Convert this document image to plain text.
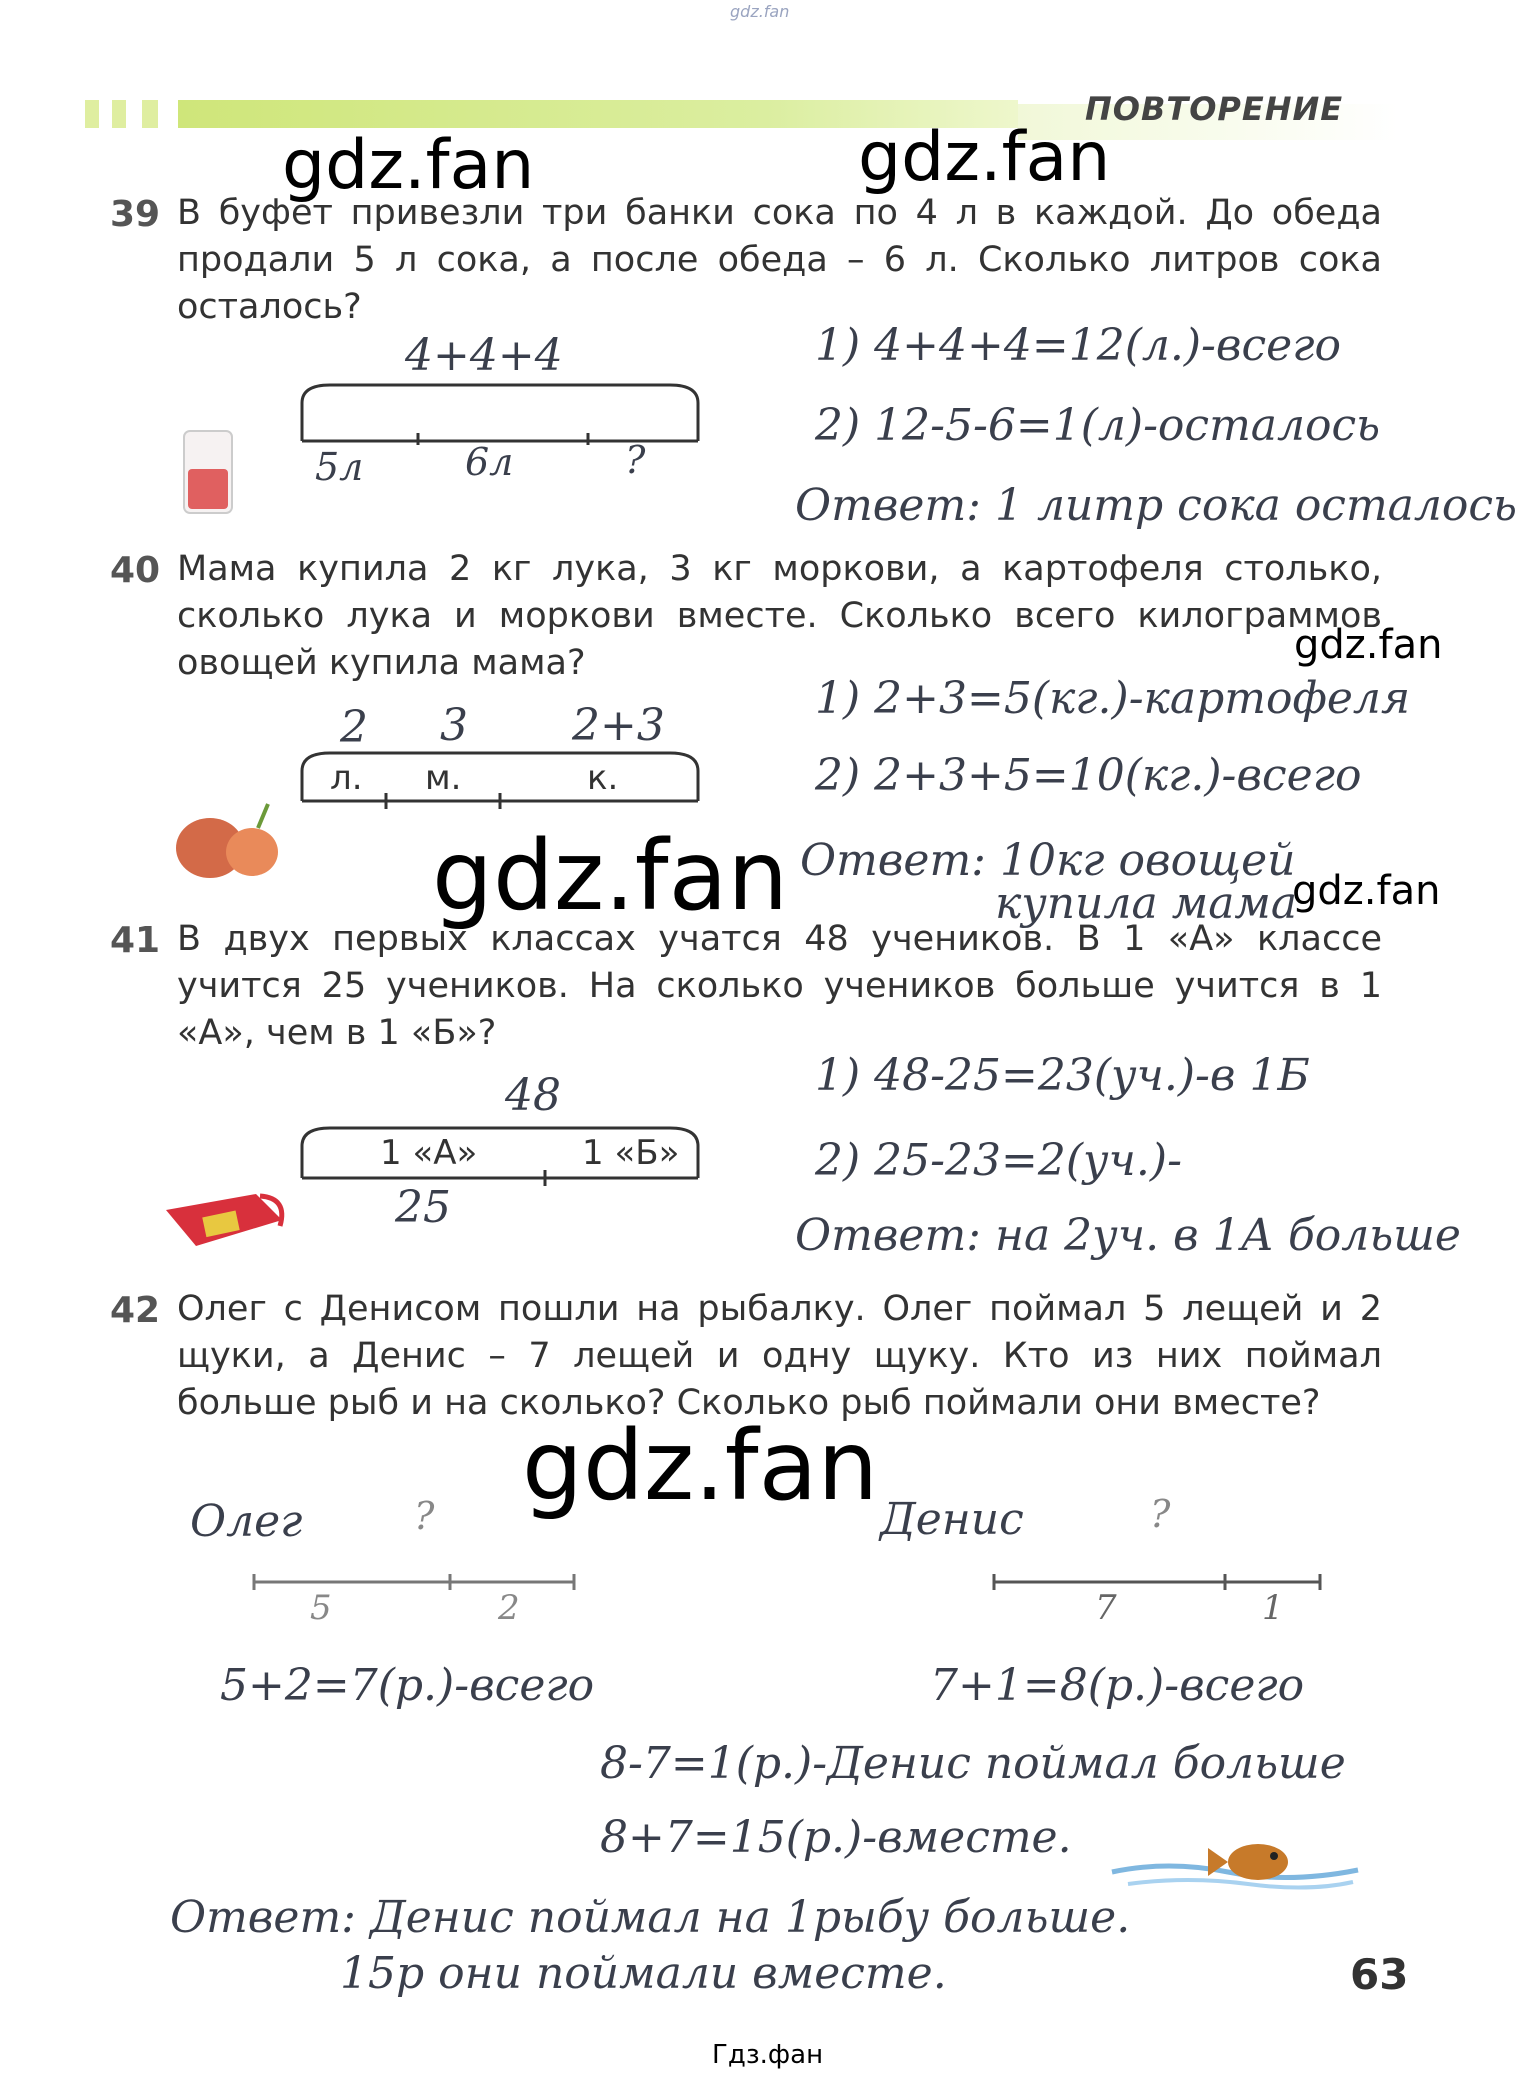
gdz.fan
ПОВТОРЕНИЕ
gdz.fan	gdz.fan
gdz.fan
gdz.fan	gdz.fan
gdz.fan
39 В буфет привезли три банки сока по 4 л в каждой. До обеда продали 5 л сока, а после обеда – 6 л. Сколько литров сока осталось?
4+4+4
5л	6л	?
1) 4+4+4=12(л.)-всего
2) 12-5-6=1(л)-осталось
Ответ: 1 литр сока осталось
40 Мама купила 2 кг лука, 3 кг моркови, а картофеля столько, сколько лука и моркови вместе. Сколько всего килограммов овощей купила мама?
2 3 2+3
л. м.	к.
1) 2+3=5(кг.)-картофеля
2) 2+3+5=10(кг.)-всего
Ответ: 10кг овощей
купила мама
41 В двух первых классах учатся 48 учеников. В 1 «А» классе учится 25 учеников. На сколько учеников больше учится в 1 «А», чем в 1 «Б»?
48
1 «А»	1 «Б»
25
1) 48-25=23(уч.)-в 1Б
2) 25-23=2(уч.)-
Ответ: на 2уч. в 1А больше
42 Олег с Денисом пошли на рыбалку. Олег поймал 5 лещей и 2 щуки, а Денис – 7 лещей и одну щуку. Кто из них поймал больше рыб и на сколько? Сколько рыб поймали они вместе?
Олег	?
5	2
Денис	?
7	1
5+2=7(р.)-всего	7+1=8(р.)-всего
8-7=1(р.)-Денис поймал больше
8+7=15(р.)-вместе.
Ответ: Денис поймал на 1рыбу больше.
15р они поймали вместе.	63
Гдз.фан
